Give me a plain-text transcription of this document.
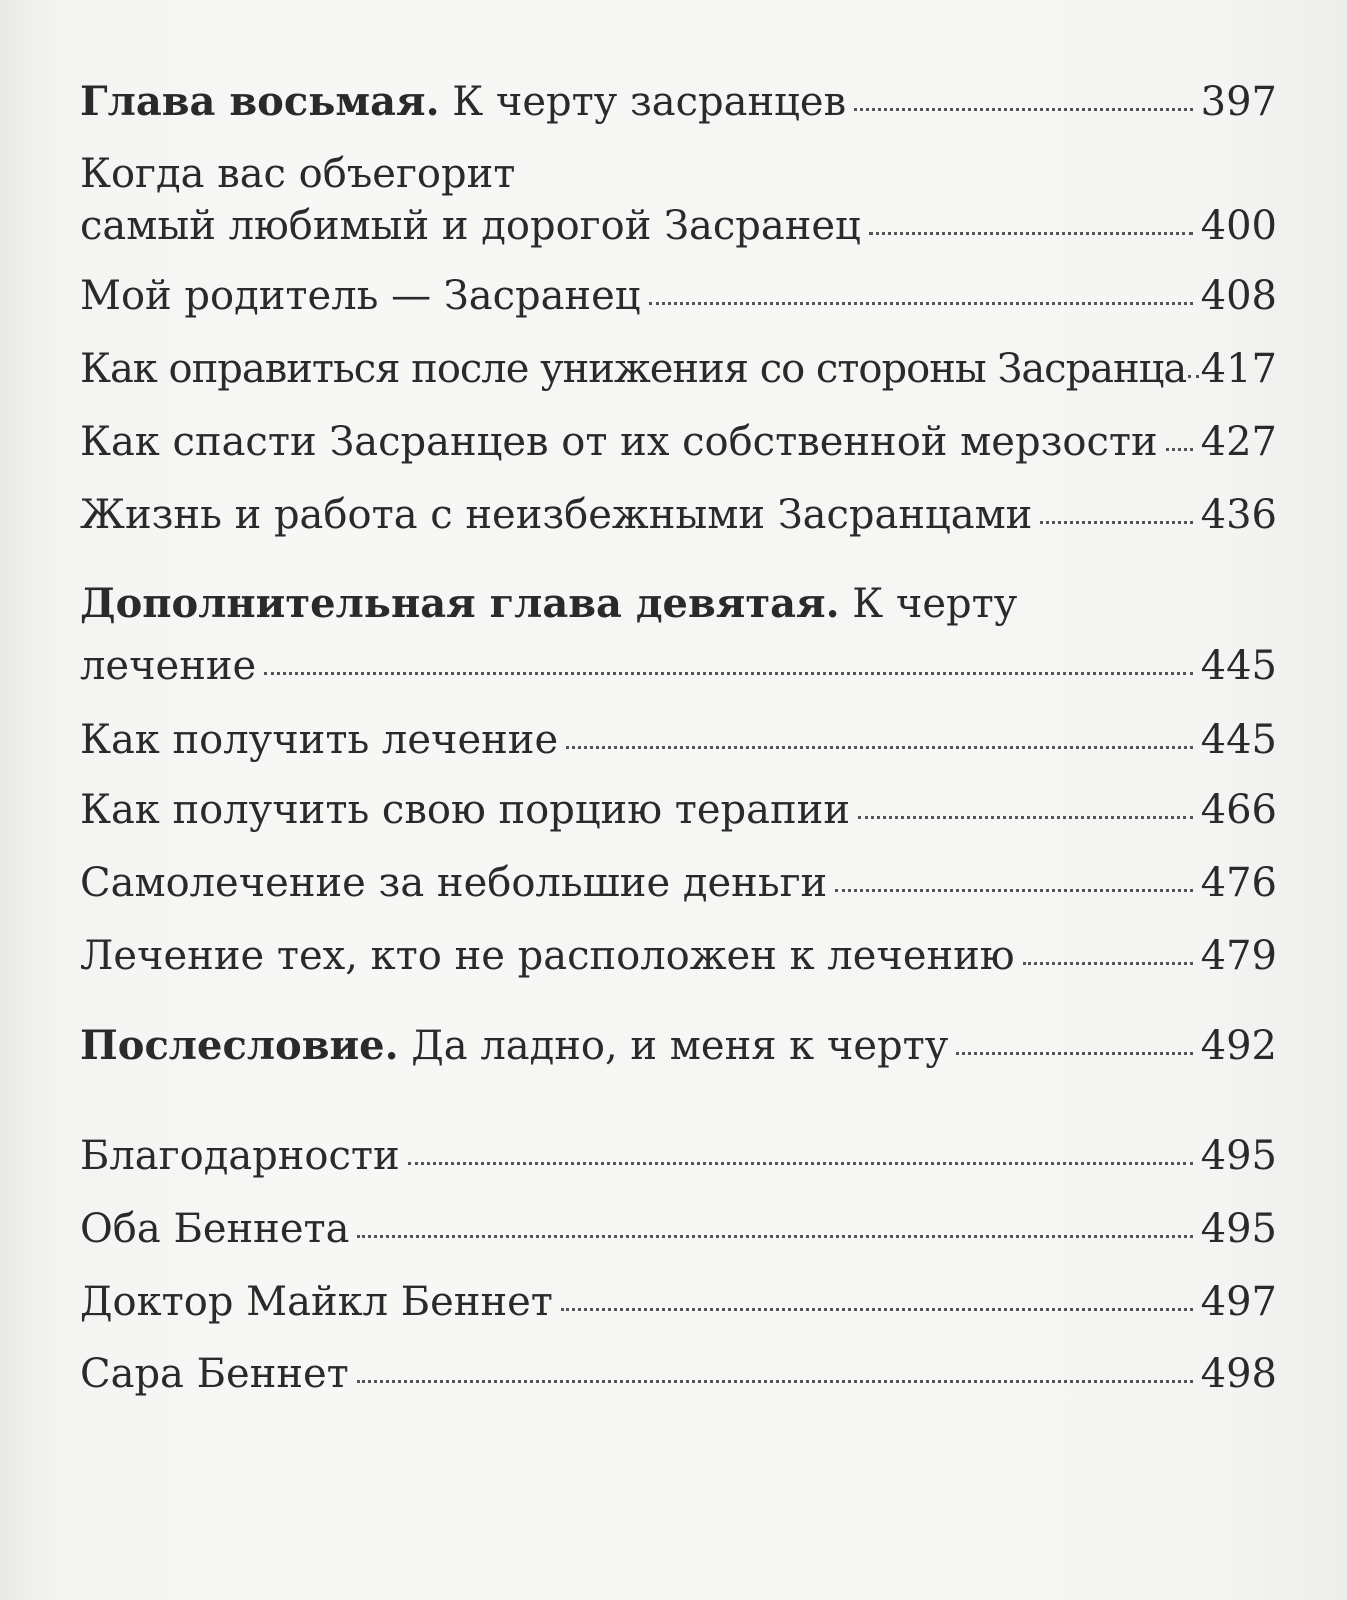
Глава восьмая. К черту засранцев	397
Когда вас объегорит
самый любимый и дорогой Засранец	400
Мой родитель — Засранец	408
Как оправиться после унижения со стороны Засранца 417
Как спасти Засранцев от их собственной мерзости 427
Жизнь и работа с неизбежными Засранцами	436
Дополнительная глава девятая. К черту
лечение	445
Как получить лечение	445
Как получить свою порцию терапии	466
Самолечение за небольшие деньги	476
Лечение тех, кто не расположен к лечению	479
Послесловие. Да ладно, и меня к черту	492
Благодарности	495
Оба Беннета	495
Доктор Майкл Беннет	497
Сара Беннет	498
